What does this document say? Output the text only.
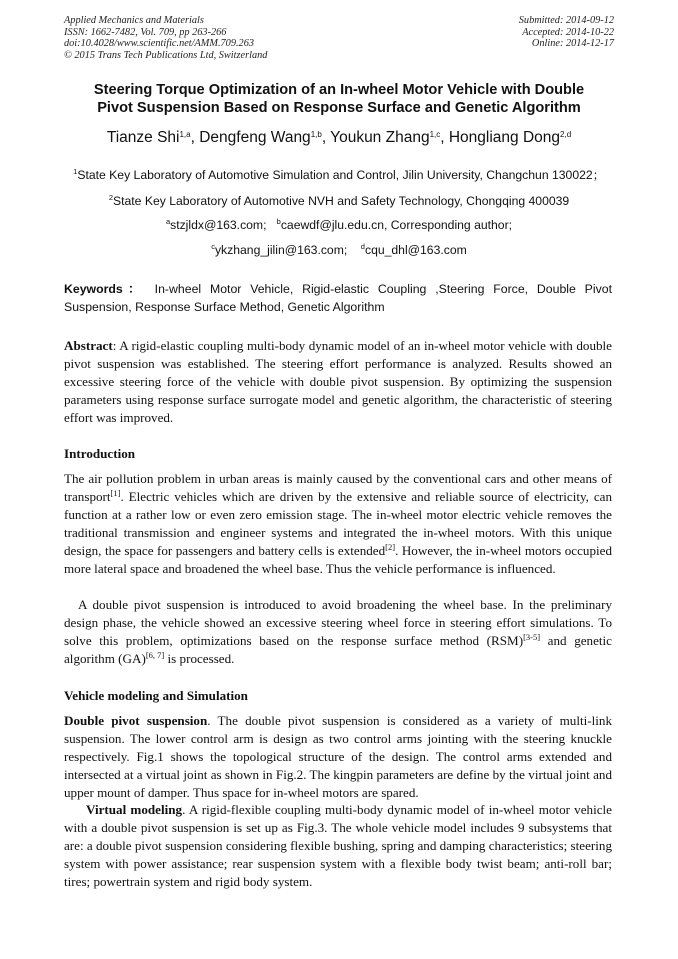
Applied Mechanics and Materials
ISSN: 1662-7482, Vol. 709, pp 263-266
doi:10.4028/www.scientific.net/AMM.709.263
© 2015 Trans Tech Publications Ltd, Switzerland
Submitted: 2014-09-12
Accepted: 2014-10-22
Online: 2014-12-17
Steering Torque Optimization of an In-wheel Motor Vehicle with Double
Pivot Suspension Based on Response Surface and Genetic Algorithm
Tianze Shi$^{1,a}$, Dengfeng Wang$^{1,b}$, Youkun Zhang$^{1,c}$, Hongliang Dong$^{2,d}$
$^1$State Key Laboratory of Automotive Simulation and Control, Jilin University, Changchun 130022；
$^2$State Key Laboratory of Automotive NVH and Safety Technology, Chongqing 400039
$^a$stzjldx@163.com; $^b$caewdf@jlu.edu.cn, Corresponding author;
$^c$ykzhang_jilin@163.com; $^d$cqu_dhl@163.com
Keywords： In-wheel Motor Vehicle, Rigid-elastic Coupling ,Steering Force, Double Pivot Suspension, Response Surface Method, Genetic Algorithm
Abstract: A rigid-elastic coupling multi-body dynamic model of an in-wheel motor vehicle with double pivot suspension was established. The steering effort performance is analyzed. Results showed an excessive steering force of the vehicle with double pivot suspension. By optimizing the suspension parameters using response surface surrogate model and genetic algorithm, the characteristic of steering effort was improved.
Introduction
The air pollution problem in urban areas is mainly caused by the conventional cars and other means of transport[1]. Electric vehicles which are driven by the extensive and reliable source of electricity, can function at a rather low or even zero emission stage. The in-wheel motor electric vehicle removes the traditional transmission and engineer systems and integrated the in-wheel motors. With this unique design, the space for passengers and battery cells is extended[2]. However, the in-wheel motors occupied more lateral space and broadened the wheel base. Thus the vehicle performance is influenced.
A double pivot suspension is introduced to avoid broadening the wheel base. In the preliminary design phase, the vehicle showed an excessive steering wheel force in steering effort simulations. To solve this problem, optimizations based on the response surface method (RSM)[3-5] and genetic algorithm (GA)[6, 7] is processed.
Vehicle modeling and Simulation
Double pivot suspension. The double pivot suspension is considered as a variety of multi-link suspension. The lower control arm is design as two control arms jointing with the steering knuckle respectively. Fig.1 shows the topological structure of the design. The control arms extended and intersected at a virtual joint as shown in Fig.2. The kingpin parameters are define by the virtual joint and upper mount of damper. Thus space for in-wheel motors are spared.
Virtual modeling. A rigid-flexible coupling multi-body dynamic model of in-wheel motor vehicle with a double pivot suspension is set up as Fig.3. The whole vehicle model includes 9 subsystems that are: a double pivot suspension considering flexible bushing, spring and damping characteristics; steering system with power assistance; rear suspension system with a flexible body twist beam; anti-roll bar; tires; powertrain system and rigid body system.
